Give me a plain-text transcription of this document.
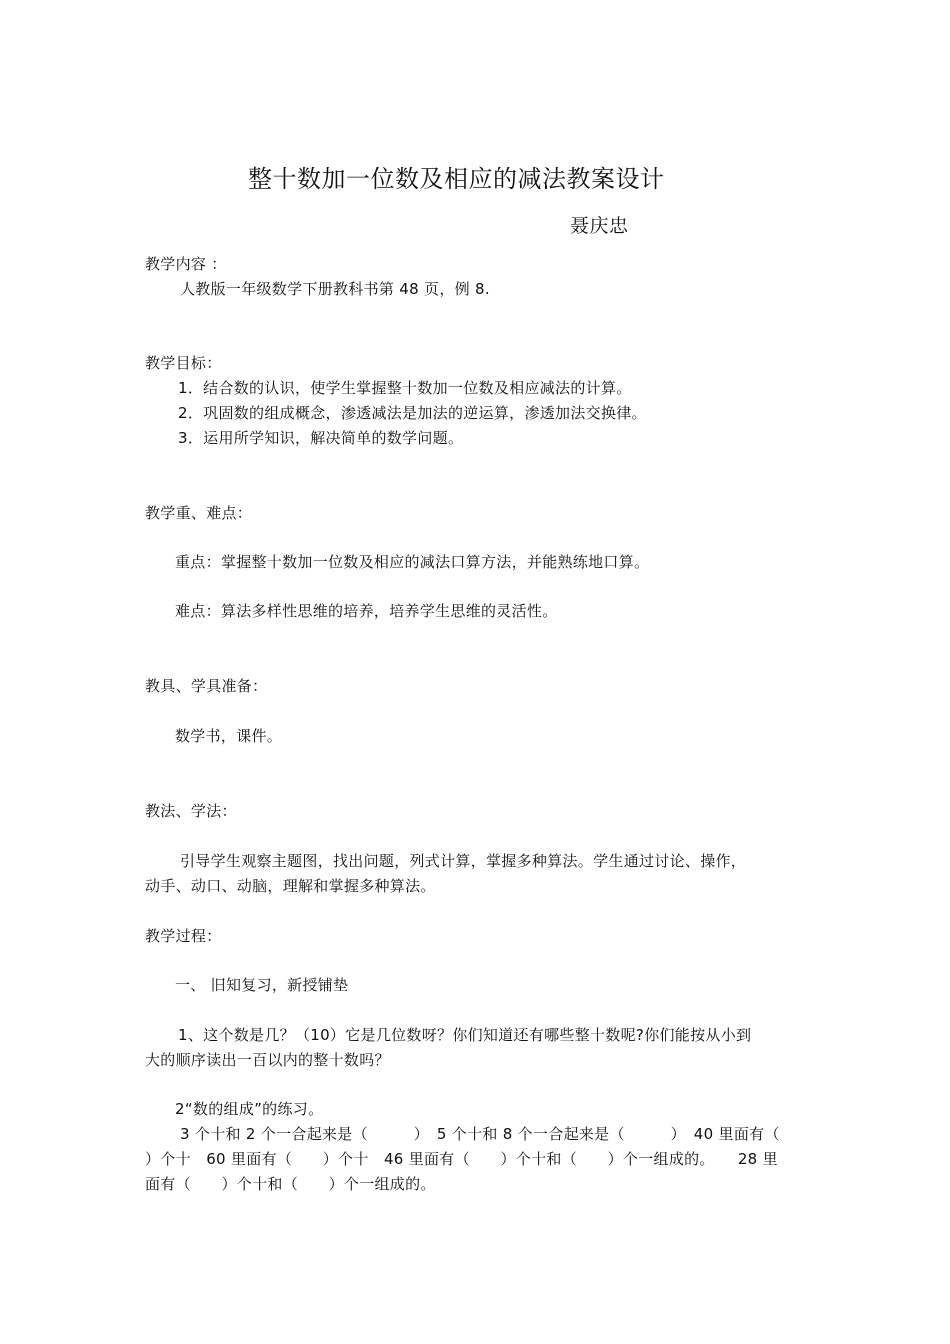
整十数加一位数及相应的减法教案设计
聂庆忠
教学内容 ：
人教版一年级数学下册教科书第 48 页，例 8.
教学目标：
1．结合数的认识，使学生掌握整十数加一位数及相应减法的计算。
2．巩固数的组成概念，渗透减法是加法的逆运算，渗透加法交换律。
3．运用所学知识，解决简单的数学问题。
教学重、难点：
重点：掌握整十数加一位数及相应的减法口算方法，并能熟练地口算。
难点：算法多样性思维的培养，培养学生思维的灵活性。
教具、学具准备：
数学书，课件。
教法、学法：
引导学生观察主题图，找出问题，列式计算，掌握多种算法。学生通过讨论、操作，
动手、动口、动脑，理解和掌握多种算法。
教学过程：
一、 旧知复习，新授铺垫
1、这个数是几？（10）它是几位数呀？你们知道还有哪些整十数呢?你们能按从小到
大的顺序读出一百以内的整十数吗？
2“数的组成”的练习。
3 个十和 2 个一合起来是（　　　）　5 个十和 8 个一合起来是（　　　）　40 里面有（
）个十　60 里面有（　　）个十　46 里面有（　　）个十和（　　）个一组成的。　　28 里
面有（　　）个十和（　　）个一组成的。
